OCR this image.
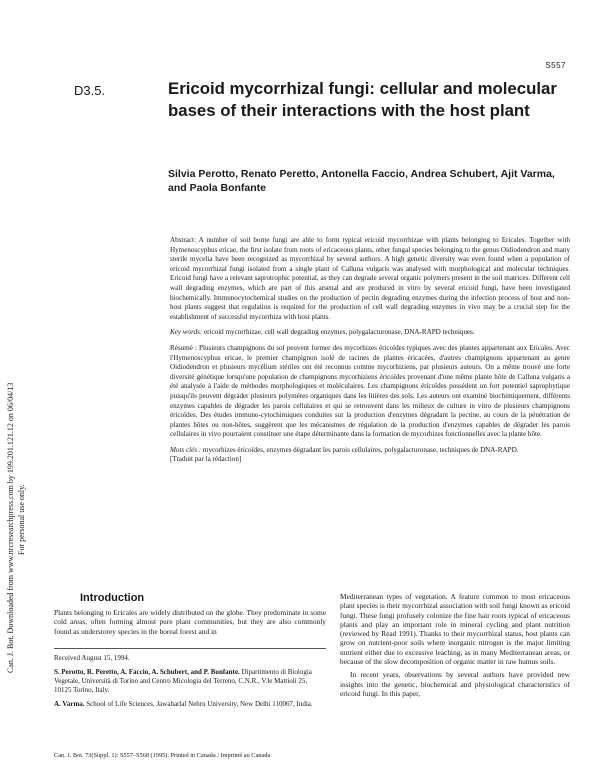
S557
D3.5.	Ericoid mycorrhizal fungi: cellular and molecular bases of their interactions with the host plant
Silvia Perotto, Renato Peretto, Antonella Faccio, Andrea Schubert, Ajit Varma, and Paola Bonfante
Can. J. Bot. Downloaded from www.nrcresearchpress.com by 199.201.121.12 on 06/04/13 For personal use only.

Abstract: A number of soil borne fungi are able to form typical ericoid mycorrhizae with plants belonging to Ericales. Together with Hymenoscyphus ericae, the first isolate from roots of ericaceous plants, other fungal species belonging to the genus Oidiodendron and many sterile mycelia have been recognized as mycorrhizal by several authors. A high genetic diversity was even found when a population of ericoid mycorrhizal fungi isolated from a single plant of Calluna vulgaris was analysed with morphological and molecular techniques. Ericoid fungi have a relevant saprotrophic potential, as they can degrade several organic polymers present in the soil matrices. Different cell wall degrading enzymes, which are part of this arsenal and are produced in vitro by several ericoid fungi, have been investigated biochemically. Immunocytochemical studies on the production of pectin degrading enzymes during the infection process of host and non-host plants suggest that regulation is required for the production of cell wall degrading enzymes in vivo may be a crucial step for the establishment of successful mycorrhiza with host plants.

Key words: ericoid mycorrhizae, cell wall degrading enzymes, polygalacturonase, DNA-RAPD techniques.

Résumé : Plusieurs champignons du sol peuvent former des mycorhizes éricoïdes typiques avec des plantes appartenant aux Ericales. Avec l'Hymenoscyphus ericae, le premier champignon isolé de racines de plantes éricacées, d'autres champignons appartenant au genre Oidiodendron et plusieurs mycélium stériles ont été reconnus comme mycorhiziens, par plusieurs auteurs. On a même trouvé une forte diversité génétique lorsqu'une population de champignons mycorhiziens éricoïdes provenant d'une même plante hôte de Calluna vulgaris a été analysée à l'aide de méthodes morphologiques et moléculaires. Les champignons éricoïdes possèdent un fort potentiel saprophytique puisqu'ils peuvent dégrader plusieurs polymères organiques dans les litières des sols. Les auteurs ont examiné biochimiquement, différents enzymes capables de dégrader les parois cellulaires et qui se retrouvent dans les milieux de culture in vitro de plusieurs champignons éricoïdes. Des études immuno-cytochimiques conduites sur la production d'enzymes dégradant la pectine, au cours de la pénétration de plantes hôtes ou non-hôtes, suggèrent que les mécanismes de régulation de la production d'enzymes capables de dégrader les parois cellulaires in vivo pourraient constituer une étape déterminante dans la formation de mycorhizes fonctionnelles avec la plante hôte.

Mots clés : mycorhizes éricoïdes, enzymes dégradant les parois cellulaires, polygalacturonase, techniques de DNA-RAPD.
[Traduit par la rédaction]

Introduction
Plants belonging to Ericales are widely distributed on the globe. They predominate in some cold areas, often forming almost pure plant communities, but they are also commonly found as understorey species in the boreal forest and in

Received August 15, 1994.

S. Perotto, R. Peretto, A. Faccio, A. Schubert, and P. Bonfante. Dipartimento di Biologia Vegetale, Università di Torino and Centro Micologia del Terreno, C.N.R., V.le Mattioli 25, 10125 Torino, Italy.

A. Varma. School of Life Sciences, Jawaharlal Nehru University, New Delhi 110067, India.

Mediterranean types of vegetation. A feature common to most ericaceous plant species is their mycorrhizal association with soil fungi known as ericoid fungi. These fungi profusely colonize the fine hair roots typical of ericaceous plants and play an important role in mineral cycling and plant nutrition (reviewed by Read 1991). Thanks to their mycorrhizal status, host plants can grow on nutrient-poor soils where inorganic nitrogen is the major limiting nutrient either due to excessive leaching, as in many Mediterranean areas, or because of the slow decomposition of organic matter in raw humus soils.

In recent years, observations by several authors have provided new insights into the genetic, biochemical and physiological characteristics of ericoid fungi. In this paper,

Can. J. Bot. 73(Suppl. 1): S557–S568 (1995). Printed in Canada / Imprimé au Canada
